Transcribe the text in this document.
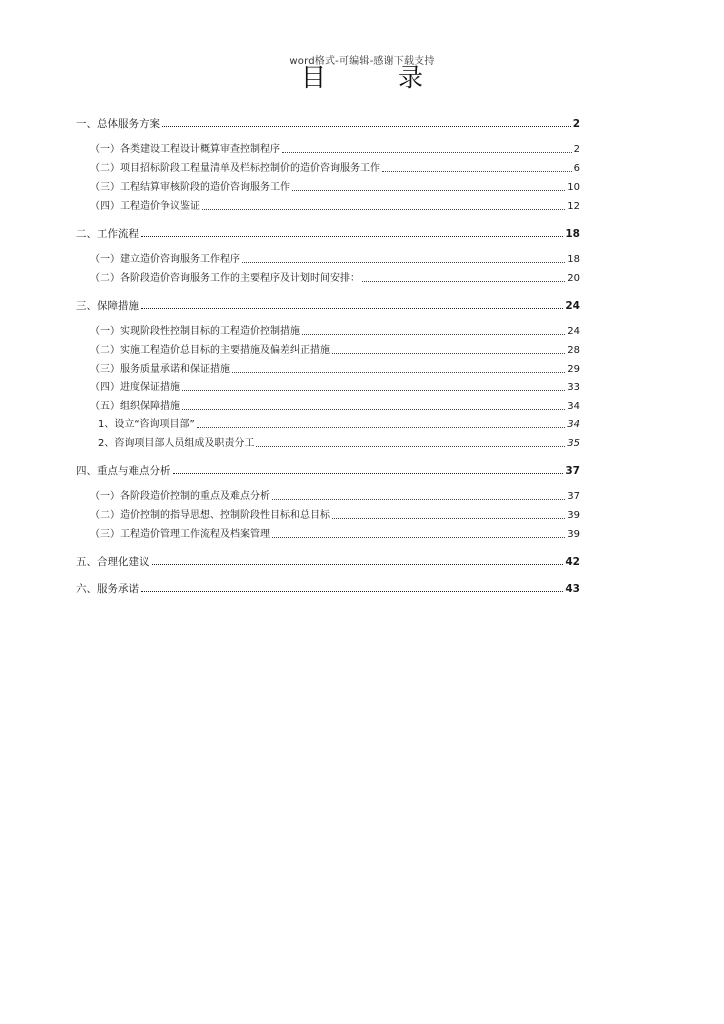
word格式-可编辑-感谢下载支持
目	录
一、总体服务方案	2
（一）各类建设工程设计概算审查控制程序	2
（二）项目招标阶段工程量清单及栏标控制价的造价咨询服务工作	6
（三）工程结算审核阶段的造价咨询服务工作	10
（四）工程造价争议鉴证	12
二、工作流程	18
（一）建立造价咨询服务工作程序	18
（二）各阶段造价咨询服务工作的主要程序及计划时间安排：	20
三、保障措施	24
（一）实现阶段性控制目标的工程造价控制措施	24
（二）实施工程造价总目标的主要措施及偏差纠正措施	28
（三）服务质量承诺和保证措施	29
（四）进度保证措施	33
（五）组织保障措施	34
1、设立“咨询项目部”	34
2、咨询项目部人员组成及职责分工	35
四、重点与难点分析	37
（一）各阶段造价控制的重点及难点分析	37
（二）造价控制的指导思想、控制阶段性目标和总目标	39
（三）工程造价管理工作流程及档案管理	39
五、合理化建议	42
六、服务承诺	43
